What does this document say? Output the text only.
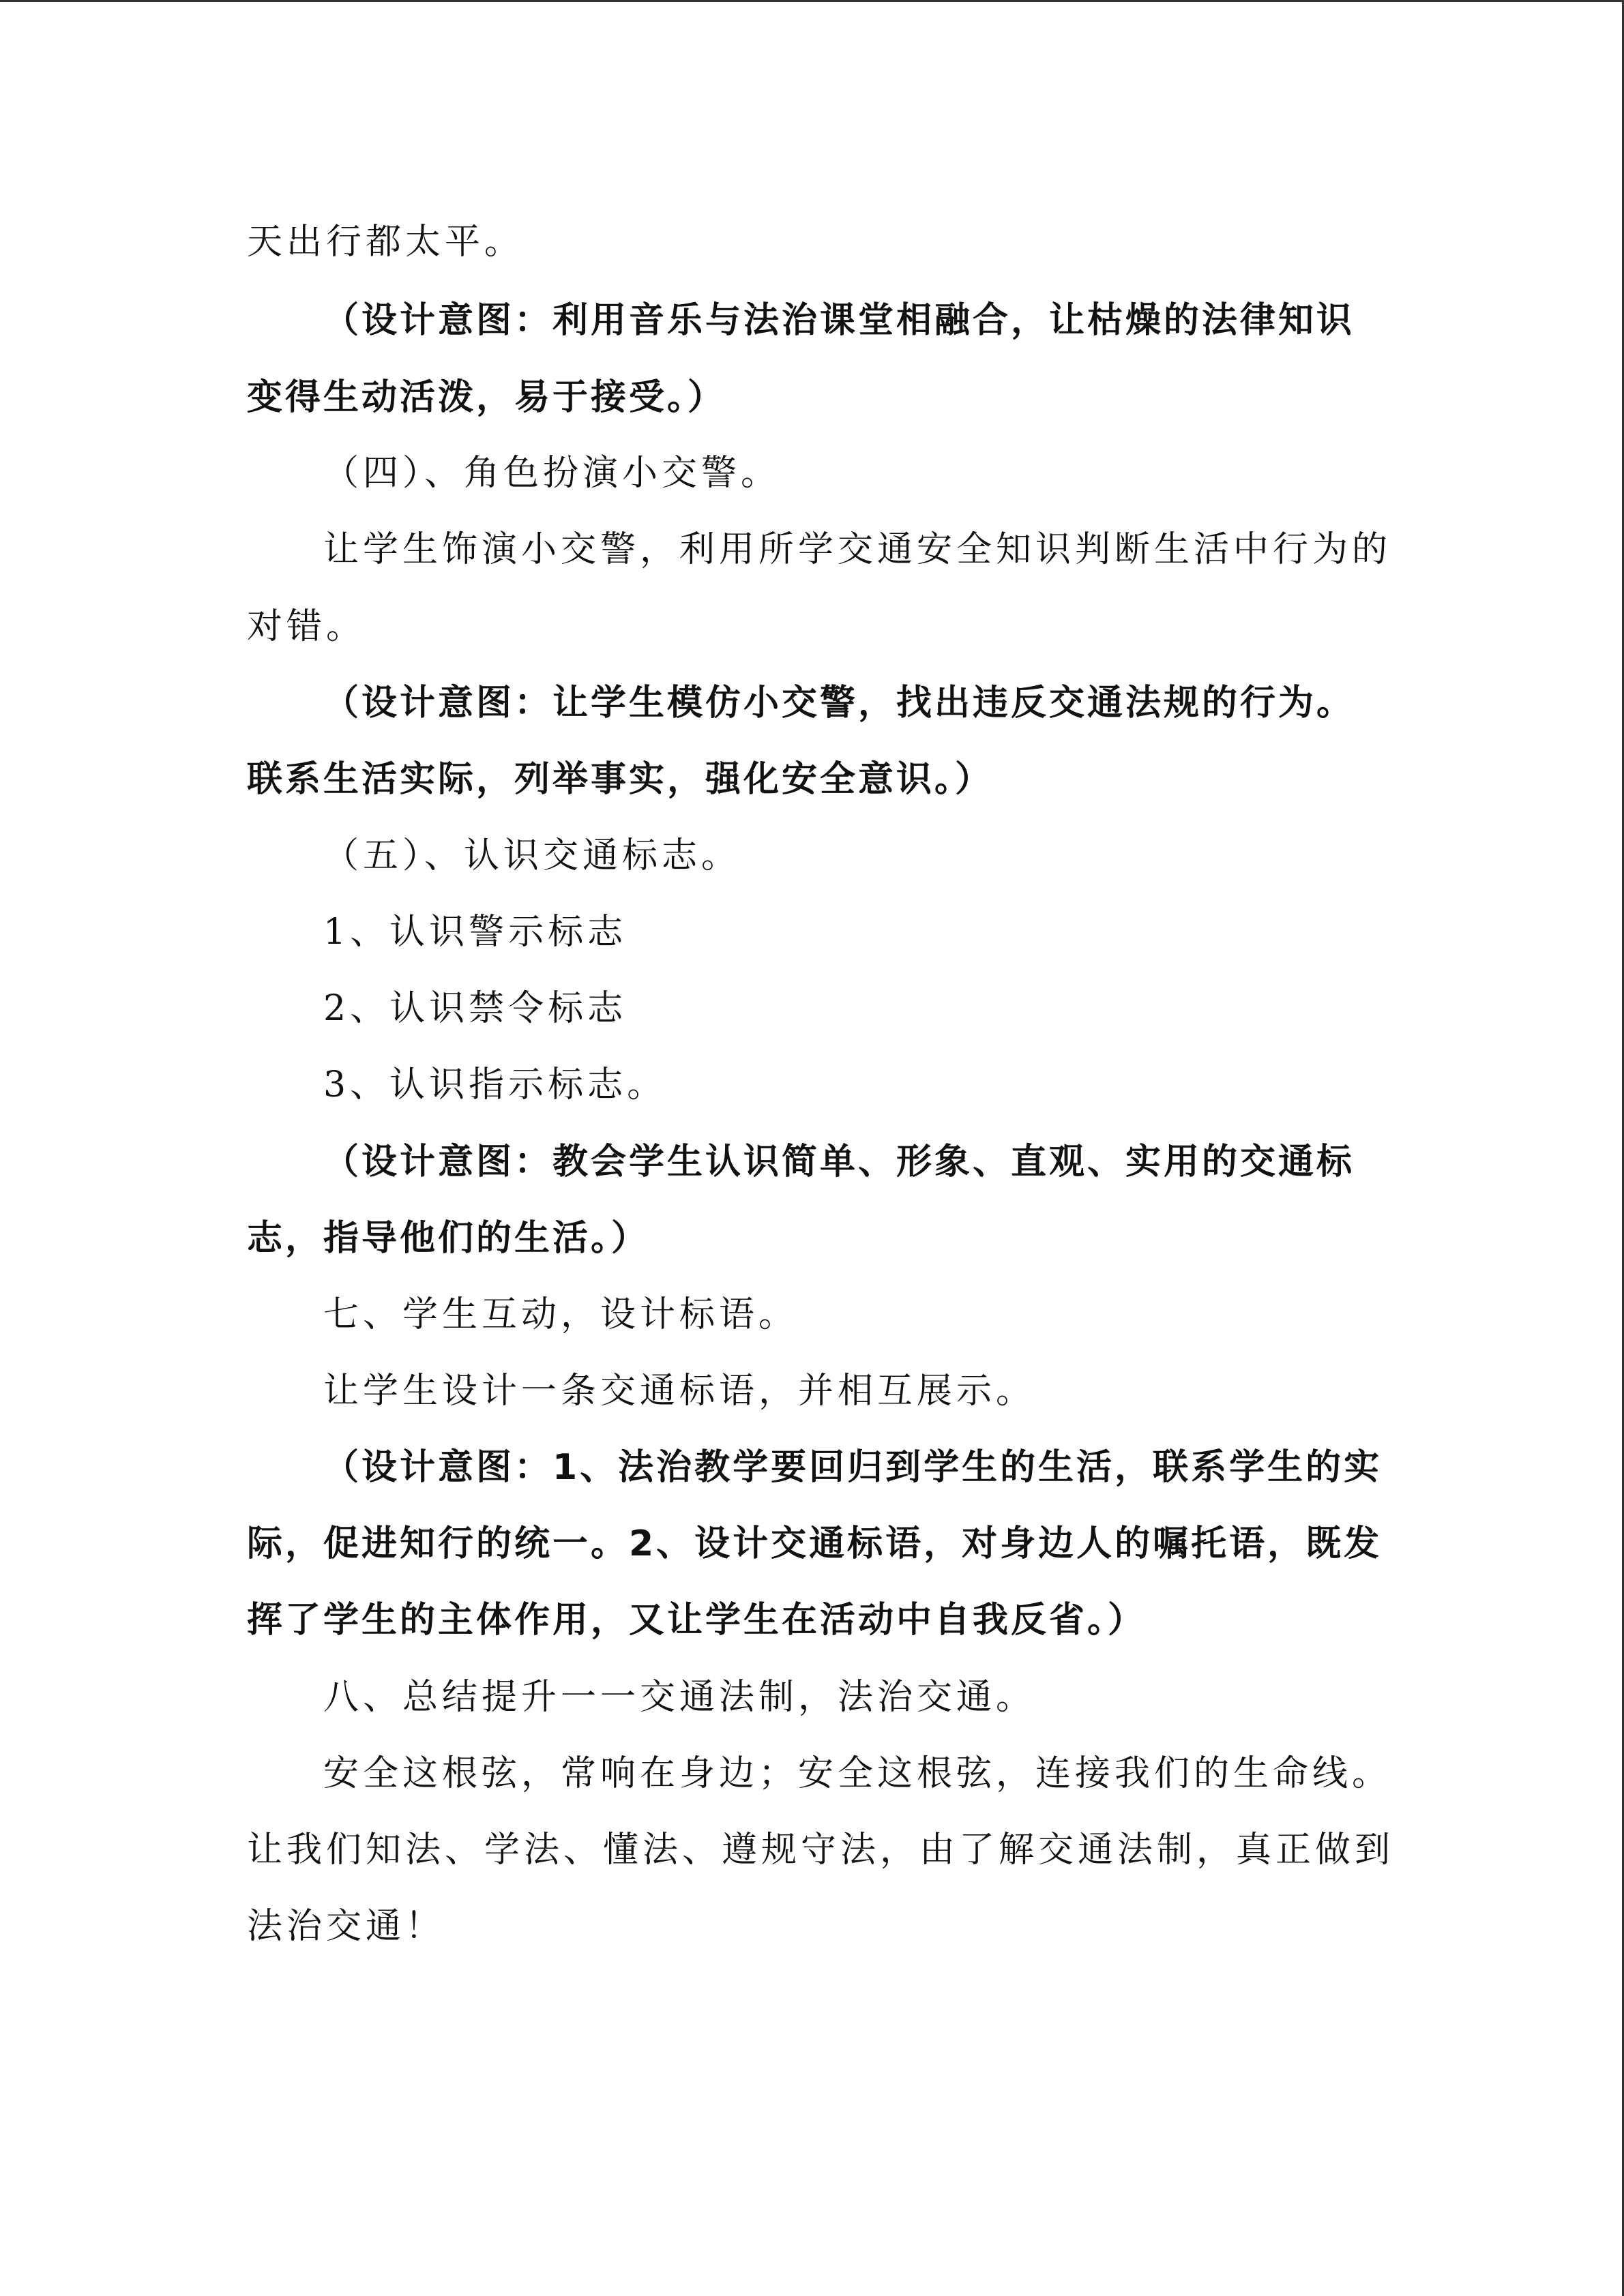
天出行都太平。
（设计意图：利用音乐与法治课堂相融合，让枯燥的法律知识
变得生动活泼，易于接受。）
（四）、角色扮演小交警。
让学生饰演小交警，利用所学交通安全知识判断生活中行为的
对错。
（设计意图：让学生模仿小交警，找出违反交通法规的行为。
联系生活实际，列举事实，强化安全意识。）
（五）、认识交通标志。
1、认识警示标志
2、认识禁令标志
3、认识指示标志。
（设计意图：教会学生认识简单、形象、直观、实用的交通标
志，指导他们的生活。）
七、学生互动，设计标语。
让学生设计一条交通标语，并相互展示。
（设计意图：1、法治教学要回归到学生的生活，联系学生的实
际，促进知行的统一。2、设计交通标语，对身边人的嘱托语，既发
挥了学生的主体作用，又让学生在活动中自我反省。）
八、总结提升一一交通法制，法治交通。
安全这根弦，常响在身边；安全这根弦，连接我们的生命线。
让我们知法、学法、懂法、遵规守法，由了解交通法制，真正做到
法治交通！
